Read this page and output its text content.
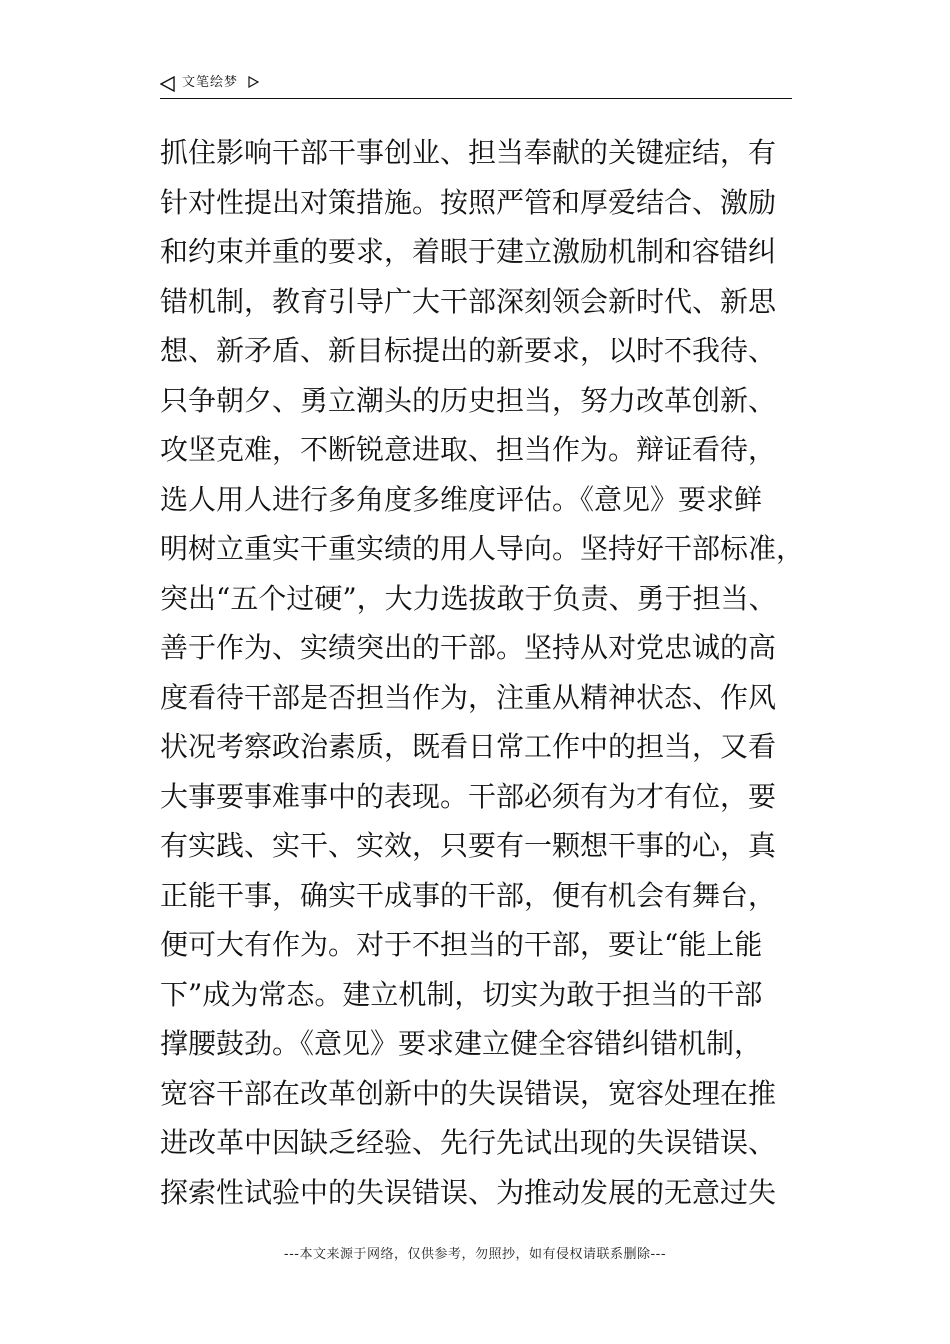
文笔绘梦
抓住影响干部干事创业、担当奉献的关键症结，有
针对性提出对策措施。按照严管和厚爱结合、激励
和约束并重的要求，着眼于建立激励机制和容错纠
错机制，教育引导广大干部深刻领会新时代、新思
想、新矛盾、新目标提出的新要求，以时不我待、
只争朝夕、勇立潮头的历史担当，努力改革创新、
攻坚克难，不断锐意进取、担当作为。辩证看待，
选人用人进行多角度多维度评估。《意见》要求鲜
明树立重实干重实绩的用人导向。坚持好干部标准，
突出“五个过硬”，大力选拔敢于负责、勇于担当、
善于作为、实绩突出的干部。坚持从对党忠诚的高
度看待干部是否担当作为，注重从精神状态、作风
状况考察政治素质，既看日常工作中的担当，又看
大事要事难事中的表现。干部必须有为才有位，要
有实践、实干、实效，只要有一颗想干事的心，真
正能干事，确实干成事的干部，便有机会有舞台，
便可大有作为。对于不担当的干部，要让“能上能
下”成为常态。建立机制，切实为敢于担当的干部
撑腰鼓劲。《意见》要求建立健全容错纠错机制，
宽容干部在改革创新中的失误错误，宽容处理在推
进改革中因缺乏经验、先行先试出现的失误错误、
探索性试验中的失误错误、为推动发展的无意过失
---本文来源于网络，仅供参考，勿照抄，如有侵权请联系删除---
